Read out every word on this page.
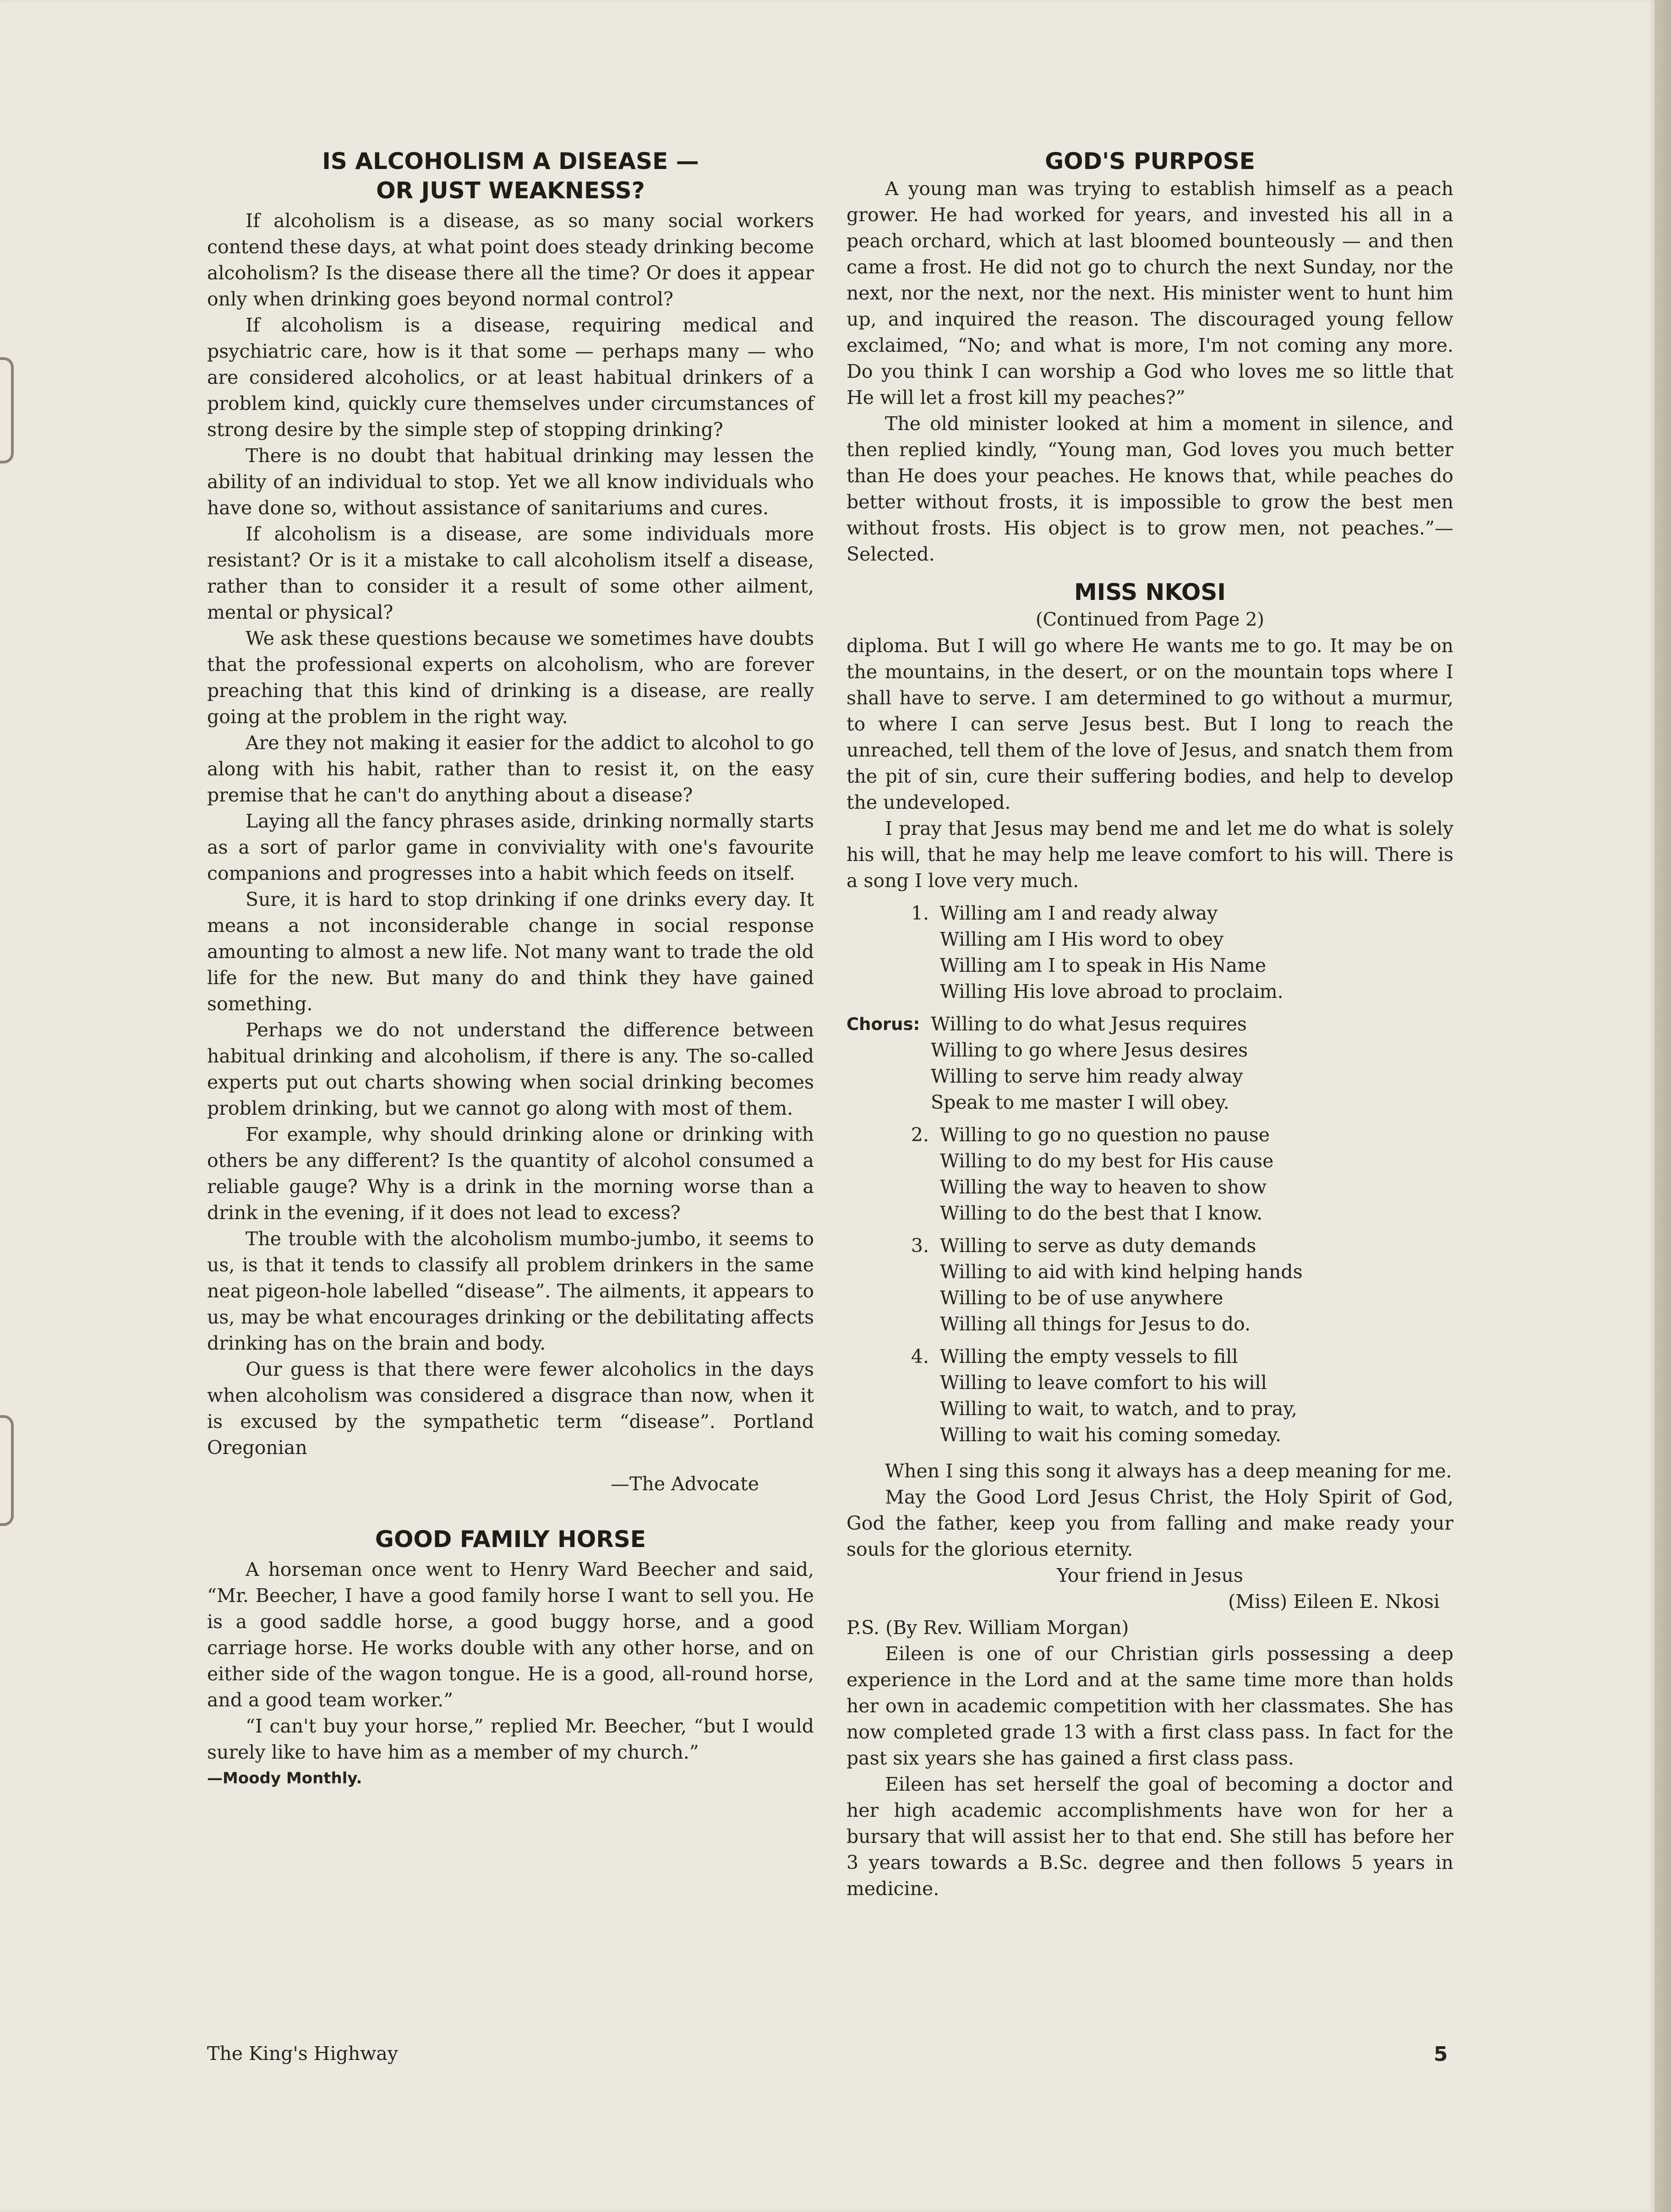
IS ALCOHOLISM A DISEASE —
OR JUST WEAKNESS?

If alcoholism is a disease, as so many social workers contend these days, at what point does steady drinking become alcoholism? Is the disease there all the time? Or does it appear only when drinking goes beyond normal control?

If alcoholism is a disease, requiring medical and psychiatric care, how is it that some — perhaps many — who are considered alcoholics, or at least habitual drinkers of a problem kind, quickly cure themselves under circumstances of strong desire by the simple step of stopping drinking?

There is no doubt that habitual drinking may lessen the ability of an individual to stop. Yet we all know individuals who have done so, without assistance of sanitariums and cures.

If alcoholism is a disease, are some individuals more resistant? Or is it a mistake to call alcoholism itself a disease, rather than to consider it a result of some other ailment, mental or physical?

We ask these questions because we sometimes have doubts that the professional experts on alcoholism, who are forever preaching that this kind of drinking is a disease, are really going at the problem in the right way.

Are they not making it easier for the addict to alcohol to go along with his habit, rather than to resist it, on the easy premise that he can't do anything about a disease?

Laying all the fancy phrases aside, drinking normally starts as a sort of parlor game in conviviality with one's favourite companions and progresses into a habit which feeds on itself.

Sure, it is hard to stop drinking if one drinks every day. It means a not inconsiderable change in social response amounting to almost a new life. Not many want to trade the old life for the new. But many do and think they have gained something.

Perhaps we do not understand the difference between habitual drinking and alcoholism, if there is any. The so-called experts put out charts showing when social drinking becomes problem drinking, but we cannot go along with most of them.

For example, why should drinking alone or drinking with others be any different? Is the quantity of alcohol consumed a reliable gauge? Why is a drink in the morning worse than a drink in the evening, if it does not lead to excess?

The trouble with the alcoholism mumbo-jumbo, it seems to us, is that it tends to classify all problem drinkers in the same neat pigeon-hole labelled “disease”. The ailments, it appears to us, may be what encourages drinking or the debilitating affects drinking has on the brain and body.

Our guess is that there were fewer alcoholics in the days when alcoholism was considered a disgrace than now, when it is excused by the sympathetic term “disease”. Portland Oregonian

—The Advocate
GOOD FAMILY HORSE

A horseman once went to Henry Ward Beecher and said, “Mr. Beecher, I have a good family horse I want to sell you. He is a good saddle horse, a good buggy horse, and a good carriage horse. He works double with any other horse, and on either side of the wagon tongue. He is a good, all-round horse, and a good team worker.”

“I can't buy your horse,” replied Mr. Beecher, “but I would surely like to have him as a member of my church.”

—Moody Monthly.
GOD'S PURPOSE

A young man was trying to establish himself as a peach grower. He had worked for years, and invested his all in a peach orchard, which at last bloomed bounteously — and then came a frost. He did not go to church the next Sunday, nor the next, nor the next, nor the next. His minister went to hunt him up, and inquired the reason. The discouraged young fellow exclaimed, “No; and what is more, I'm not coming any more. Do you think I can worship a God who loves me so little that He will let a frost kill my peaches?”

The old minister looked at him a moment in silence, and then replied kindly, “Young man, God loves you much better than He does your peaches. He knows that, while peaches do better without frosts, it is impossible to grow the best men without frosts. His object is to grow men, not peaches.”—Selected.

MISS NKOSI
(Continued from Page 2)

diploma. But I will go where He wants me to go. It may be on the mountains, in the desert, or on the mountain tops where I shall have to serve. I am determined to go without a murmur, to where I can serve Jesus best. But I long to reach the unreached, tell them of the love of Jesus, and snatch them from the pit of sin, cure their suffering bodies, and help to develop the undeveloped.

I pray that Jesus may bend me and let me do what is solely his will, that he may help me leave comfort to his will. There is a song I love very much.

1. Willing am I and ready alway
Willing am I His word to obey
Willing am I to speak in His Name
Willing His love abroad to proclaim.
Chorus: Willing to do what Jesus requires
Willing to go where Jesus desires
Willing to serve him ready alway
Speak to me master I will obey.
2. Willing to go no question no pause
Willing to do my best for His cause
Willing the way to heaven to show
Willing to do the best that I know.
3. Willing to serve as duty demands
Willing to aid with kind helping hands
Willing to be of use anywhere
Willing all things for Jesus to do.
4. Willing the empty vessels to fill
Willing to leave comfort to his will
Willing to wait, to watch, and to pray,
Willing to wait his coming someday.

When I sing this song it always has a deep meaning for me.

May the Good Lord Jesus Christ, the Holy Spirit of God, God the father, keep you from falling and make ready your souls for the glorious eternity.

Your friend in Jesus
(Miss) Eileen E. Nkosi
P.S. (By Rev. William Morgan)

Eileen is one of our Christian girls possessing a deep experience in the Lord and at the same time more than holds her own in academic competition with her classmates. She has now completed grade 13 with a first class pass. In fact for the past six years she has gained a first class pass.

Eileen has set herself the goal of becoming a doctor and her high academic accomplishments have won for her a bursary that will assist her to that end. She still has before her 3 years towards a B.Sc. degree and then follows 5 years in medicine.

The King's Highway	5
